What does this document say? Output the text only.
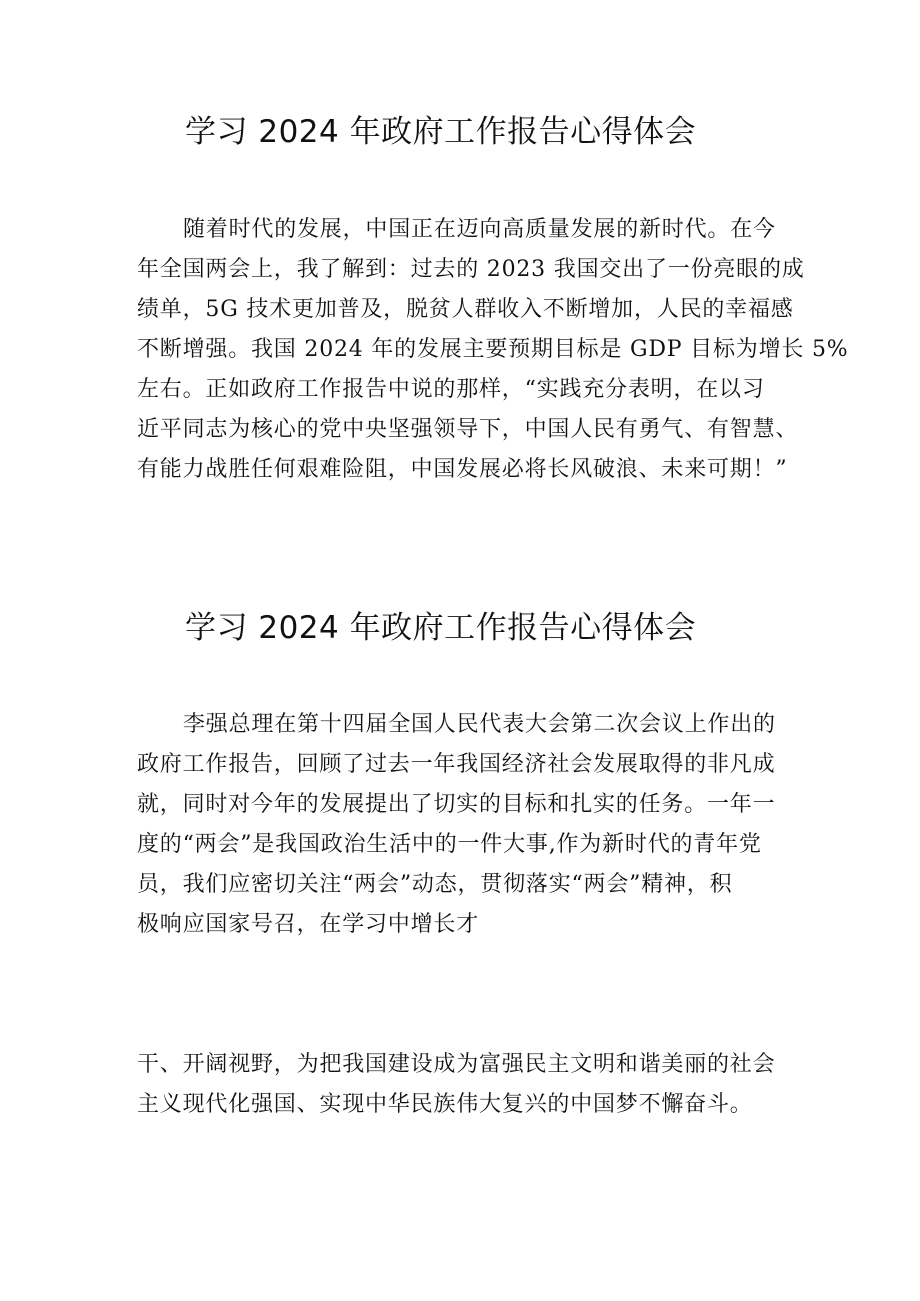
学习 2024 年政府工作报告心得体会
随着时代的发展，中国正在迈向高质量发展的新时代。在今
年全国两会上，我了解到：过去的 2023 我国交出了一份亮眼的成
绩单，5G 技术更加普及，脱贫人群收入不断增加，人民的幸福感
不断增强。我国 2024 年的发展主要预期目标是 GDP 目标为增长 5%
左右。正如政府工作报告中说的那样，“实践充分表明，在以习
近平同志为核心的党中央坚强领导下，中国人民有勇气、有智慧、
有能力战胜任何艰难险阻，中国发展必将长风破浪、未来可期！”
学习 2024 年政府工作报告心得体会
李强总理在第十四届全国人民代表大会第二次会议上作出的
政府工作报告，回顾了过去一年我国经济社会发展取得的非凡成
就，同时对今年的发展提出了切实的目标和扎实的任务。一年一
度的“两会”是我国政治生活中的一件大事,作为新时代的青年党
员，我们应密切关注“两会”动态，贯彻落实“两会”精神，积
极响应国家号召，在学习中增长才
干、开阔视野，为把我国建设成为富强民主文明和谐美丽的社会
主义现代化强国、实现中华民族伟大复兴的中国梦不懈奋斗。
